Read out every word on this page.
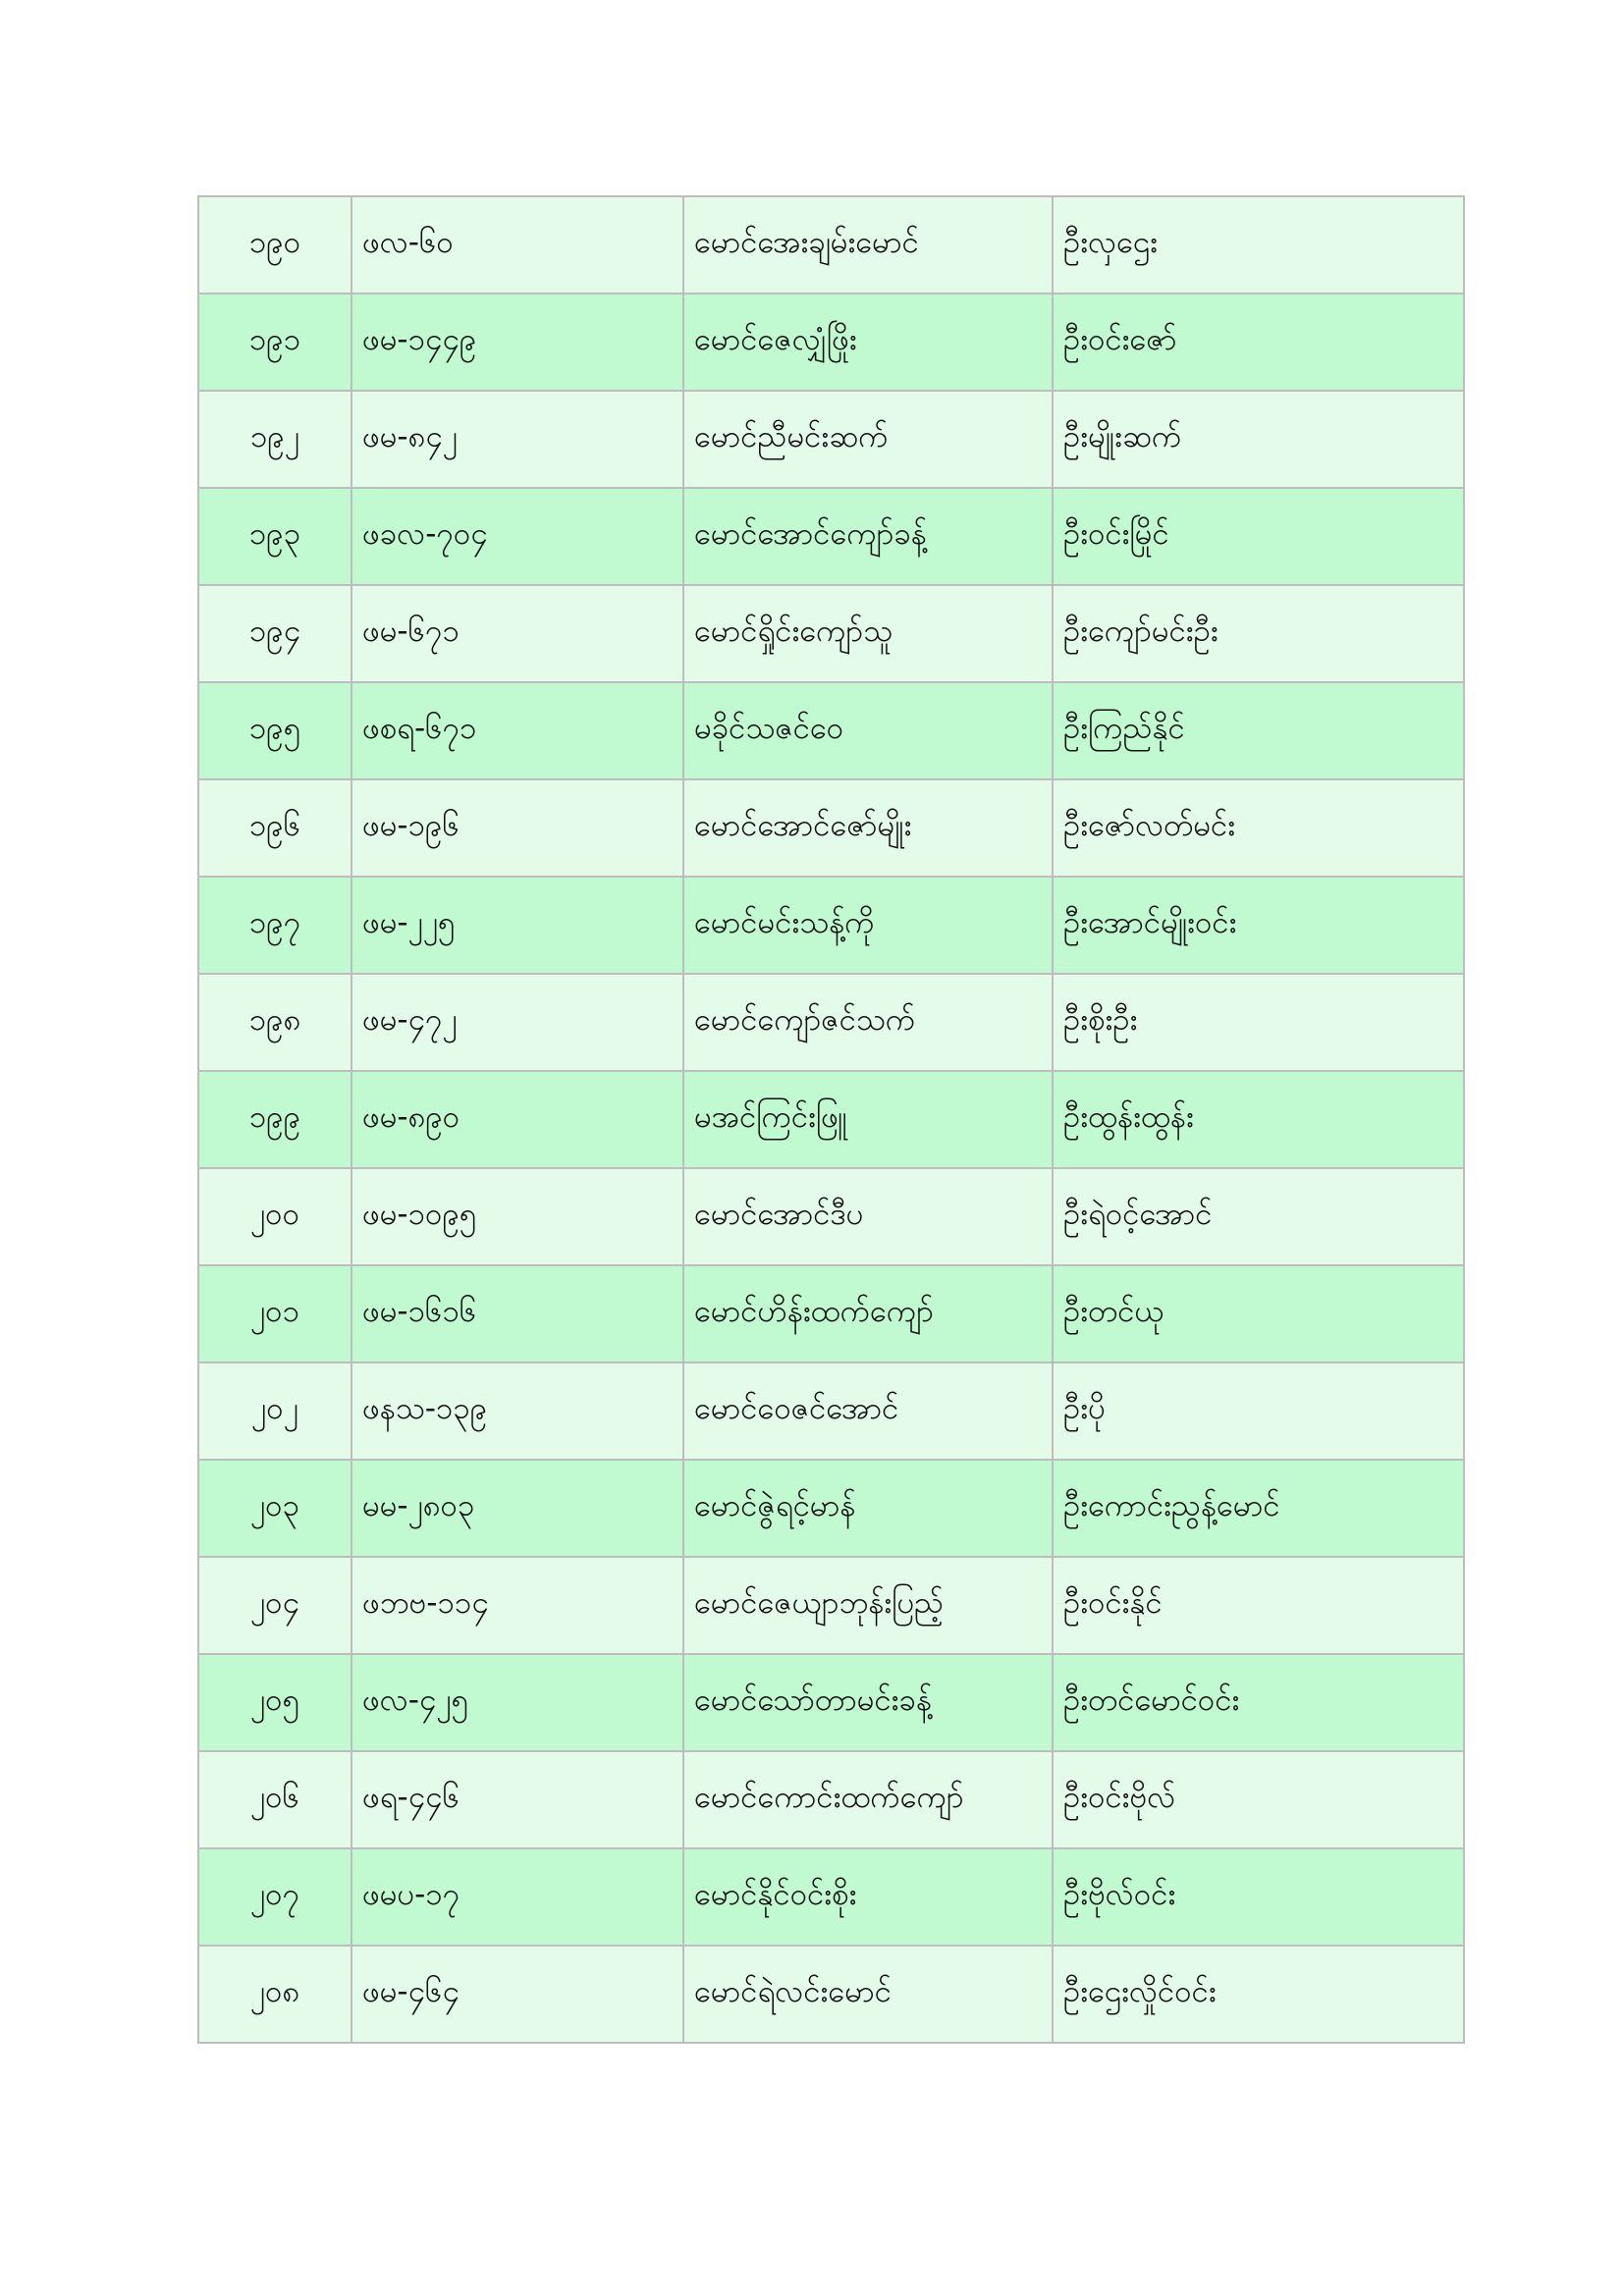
၁၉၀	ဖလ-၆၀	မောင်အေးချမ်းမောင်	ဦးလှဌေး
၁၉၁	ဖမ-၁၄၄၉	မောင်ဇေလျှံဖြိုး	ဦးဝင်းဇော်
၁၉၂	ဖမ-၈၄၂	မောင်ညီမင်းဆက်	ဦးမျိုးဆက်
၁၉၃	ဖခလ-၇၀၄	မောင်အောင်ကျော်ခန့်	ဦးဝင်းမြိုင်
၁၉၄	ဖမ-၆၇၁	မောင်ရှိုင်းကျော်သူ	ဦးကျော်မင်းဦး
၁၉၅	ဖစရ-၆၇၁	မခိုင်သဇင်ဝေ	ဦးကြည်နိုင်
၁၉၆	ဖမ-၁၉၆	မောင်အောင်ဇော်မျိုး	ဦးဇော်လတ်မင်း
၁၉၇	ဖမ-၂၂၅	မောင်မင်းသန့်ကို	ဦးအောင်မျိုးဝင်း
၁၉၈	ဖမ-၄၇၂	မောင်ကျော်ဇင်သက်	ဦးစိုးဦး
၁၉၉	ဖမ-၈၉၀	မအင်ကြင်းဖြူ	ဦးထွန်းထွန်း
၂၀၀	ဖမ-၁၀၉၅	မောင်အောင်ဒီပ	ဦးရဲဝင့်အောင်
၂၀၁	ဖမ-၁၆၁၆	မောင်ဟိန်းထက်ကျော်	ဦးတင်ယု
၂၀၂	ဖနသ-၁၃၉	မောင်ဝေဇင်အောင်	ဦးပို
၂၀၃	မမ-၂၈၀၃	မောင်ဇွဲရင့်မာန်	ဦးကောင်းညွန့်မောင်
၂၀၄	ဖဘဗ-၁၁၄	မောင်ဇေယျာဘုန်းပြည့်	ဦးဝင်းနိုင်
၂၀၅	ဖလ-၄၂၅	မောင်သော်တာမင်းခန့်	ဦးတင်မောင်ဝင်း
၂၀၆	ဖရ-၄၄၆	မောင်ကောင်းထက်ကျော်	ဦးဝင်းဗိုလ်
၂၀၇	ဖမပ-၁၇	မောင်နိုင်ဝင်းစိုး	ဦးဗိုလ်ဝင်း
၂၀၈	ဖမ-၄၆၄	မောင်ရဲလင်းမောင်	ဦးဌေးလှိုင်ဝင်း
